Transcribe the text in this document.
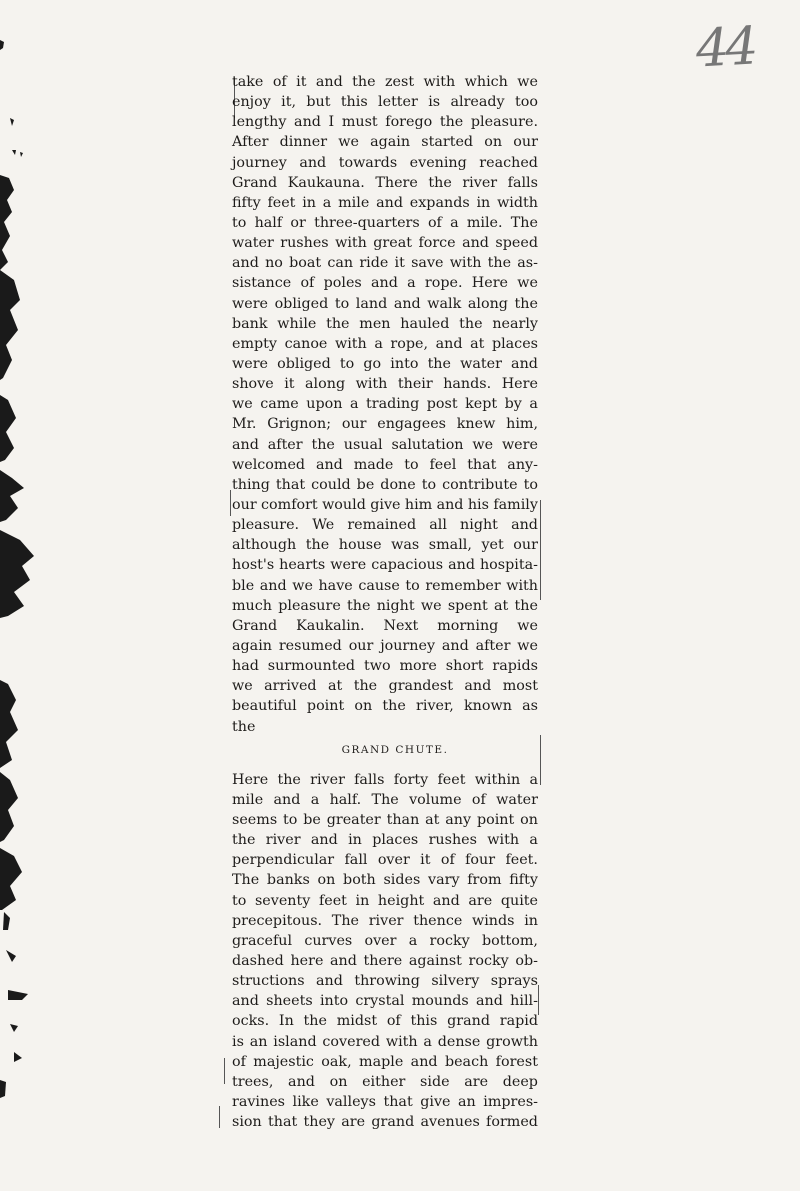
44
take of it and the zest with which we
enjoy it, but this letter is already too
lengthy and I must forego the pleasure.
After dinner we again started on our
journey and towards evening reached
Grand Kaukauna. There the river falls
fifty feet in a mile and expands in width
to half or three-quarters of a mile. The
water rushes with great force and speed
and no boat can ride it save with the as-
sistance of poles and a rope. Here we
were obliged to land and walk along the
bank while the men hauled the nearly
empty canoe with a rope, and at places
were obliged to go into the water and
shove it along with their hands. Here
we came upon a trading post kept by a
Mr. Grignon; our engagees knew him,
and after the usual salutation we were
welcomed and made to feel that any-
thing that could be done to contribute to
our comfort would give him and his family
pleasure. We remained all night and
although the house was small, yet our
host's hearts were capacious and hospita-
ble and we have cause to remember with
much pleasure the night we spent at the
Grand Kaukalin. Next morning we
again resumed our journey and after we
had surmounted two more short rapids
we arrived at the grandest and most
beautiful point on the river, known as
the
GRAND CHUTE.
Here the river falls forty feet within a
mile and a half. The volume of water
seems to be greater than at any point on
the river and in places rushes with a
perpendicular fall over it of four feet.
The banks on both sides vary from fifty
to seventy feet in height and are quite
precepitous. The river thence winds in
graceful curves over a rocky bottom,
dashed here and there against rocky ob-
structions and throwing silvery sprays
and sheets into crystal mounds and hill-
ocks. In the midst of this grand rapid
is an island covered with a dense growth
of majestic oak, maple and beach forest
trees, and on either side are deep
ravines like valleys that give an impres-
sion that they are grand avenues formed
